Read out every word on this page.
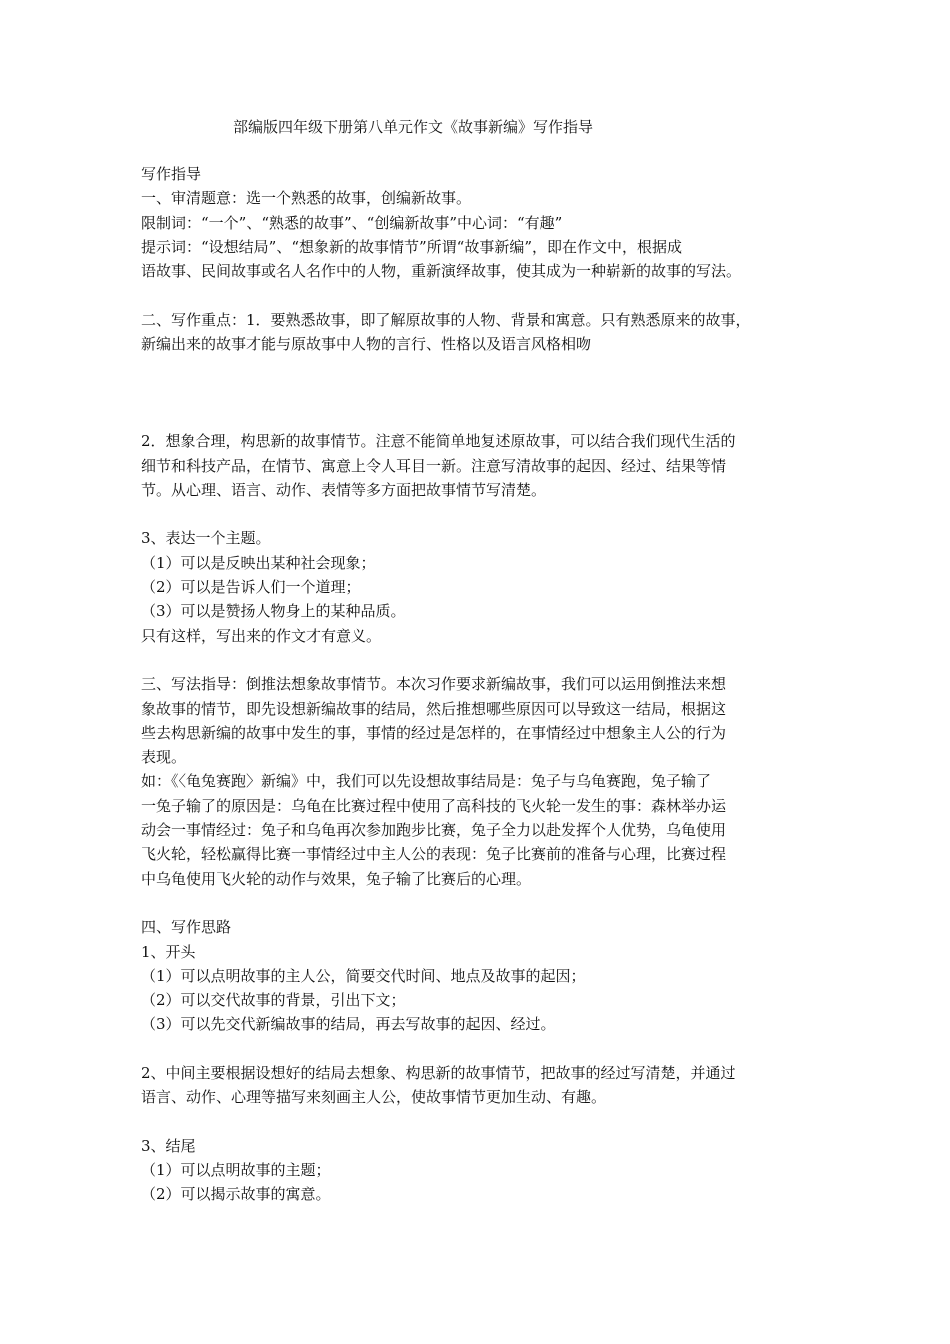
部编版四年级下册第八单元作文《故事新编》写作指导
写作指导
一、审清题意：选一个熟悉的故事，创编新故事。
限制词：“一个”、“熟悉的故事”、“创编新故事”中心词：“有趣”
提示词：“设想结局”、“想象新的故事情节”所谓“故事新编”，即在作文中，根据成
语故事、民间故事或名人名作中的人物，重新演绎故事，使其成为一种崭新的故事的写法。
二、写作重点：1．要熟悉故事，即了解原故事的人物、背景和寓意。只有熟悉原来的故事，
新编出来的故事才能与原故事中人物的言行、性格以及语言风格相吻
2．想象合理，构思新的故事情节。注意不能简单地复述原故事，可以结合我们现代生活的
细节和科技产品，在情节、寓意上令人耳目一新。注意写清故事的起因、经过、结果等情
节。从心理、语言、动作、表情等多方面把故事情节写清楚。
3、表达一个主题。
（1）可以是反映出某种社会现象；
（2）可以是告诉人们一个道理；
（3）可以是赞扬人物身上的某种品质。
只有这样，写出来的作文才有意义。
三、写法指导：倒推法想象故事情节。本次习作要求新编故事，我们可以运用倒推法来想
象故事的情节，即先设想新编故事的结局，然后推想哪些原因可以导致这一结局，根据这
些去构思新编的故事中发生的事，事情的经过是怎样的，在事情经过中想象主人公的行为
表现。
如：《〈龟兔赛跑〉新编》中，我们可以先设想故事结局是：兔子与乌龟赛跑，兔子输了
一兔子输了的原因是：乌龟在比赛过程中使用了高科技的飞火轮一发生的事：森林举办运
动会一事情经过：兔子和乌龟再次参加跑步比赛，兔子全力以赴发挥个人优势，乌龟使用
飞火轮，轻松赢得比赛一事情经过中主人公的表现：兔子比赛前的准备与心理，比赛过程
中乌龟使用飞火轮的动作与效果，兔子输了比赛后的心理。
四、写作思路
1、开头
（1）可以点明故事的主人公，简要交代时间、地点及故事的起因；
（2）可以交代故事的背景，引出下文；
（3）可以先交代新编故事的结局，再去写故事的起因、经过。
2、中间主要根据设想好的结局去想象、构思新的故事情节，把故事的经过写清楚，并通过
语言、动作、心理等描写来刻画主人公，使故事情节更加生动、有趣。
3、结尾
（1）可以点明故事的主题；
（2）可以揭示故事的寓意。
